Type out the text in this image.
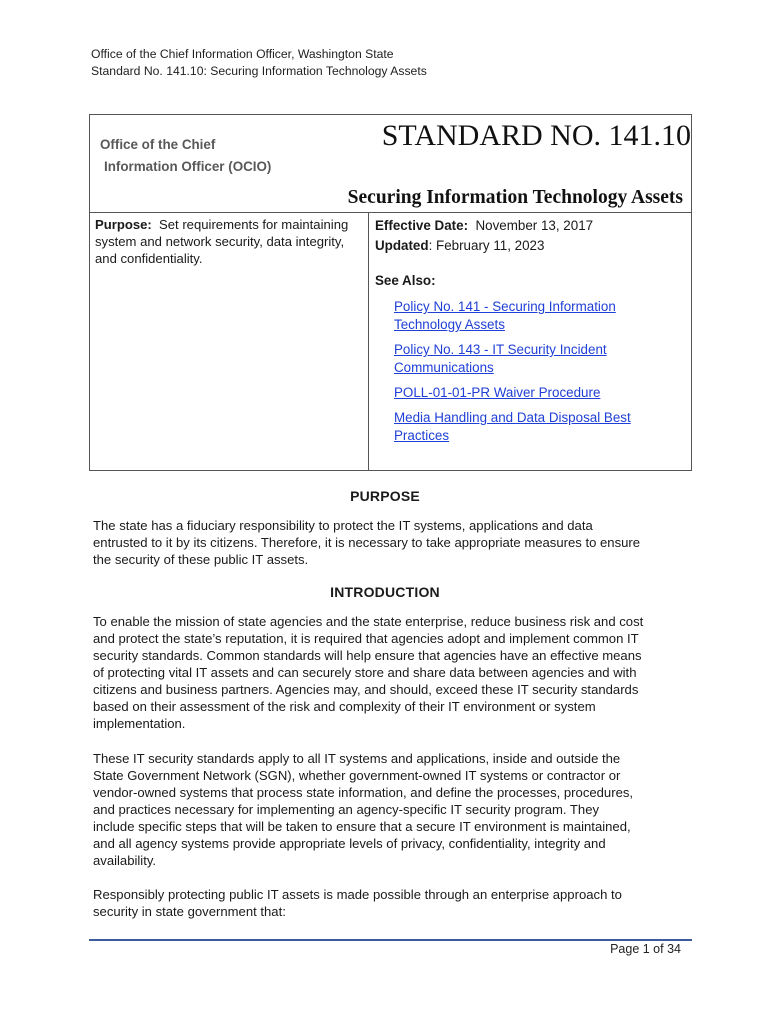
Office of the Chief Information Officer, Washington State
Standard No. 141.10: Securing Information Technology Assets
Office of the Chief
Information Officer (OCIO)
STANDARD NO. 141.10
Securing Information Technology Assets
Purpose: Set requirements for maintaining
system and network security, data integrity,
and confidentiality.
Effective Date: November 13, 2017
Updated: February 11, 2023
See Also:
Policy No. 141 - Securing Information
Technology Assets
Policy No. 143 - IT Security Incident
Communications
POLL-01-01-PR Waiver Procedure
Media Handling and Data Disposal Best
Practices
PURPOSE
The state has a fiduciary responsibility to protect the IT systems, applications and data
entrusted to it by its citizens. Therefore, it is necessary to take appropriate measures to ensure
the security of these public IT assets.
INTRODUCTION
To enable the mission of state agencies and the state enterprise, reduce business risk and cost
and protect the state’s reputation, it is required that agencies adopt and implement common IT
security standards. Common standards will help ensure that agencies have an effective means
of protecting vital IT assets and can securely store and share data between agencies and with
citizens and business partners. Agencies may, and should, exceed these IT security standards
based on their assessment of the risk and complexity of their IT environment or system
implementation.
These IT security standards apply to all IT systems and applications, inside and outside the
State Government Network (SGN), whether government-owned IT systems or contractor or
vendor-owned systems that process state information, and define the processes, procedures,
and practices necessary for implementing an agency-specific IT security program. They
include specific steps that will be taken to ensure that a secure IT environment is maintained,
and all agency systems provide appropriate levels of privacy, confidentiality, integrity and
availability.
Responsibly protecting public IT assets is made possible through an enterprise approach to
security in state government that:
Page 1 of 34
